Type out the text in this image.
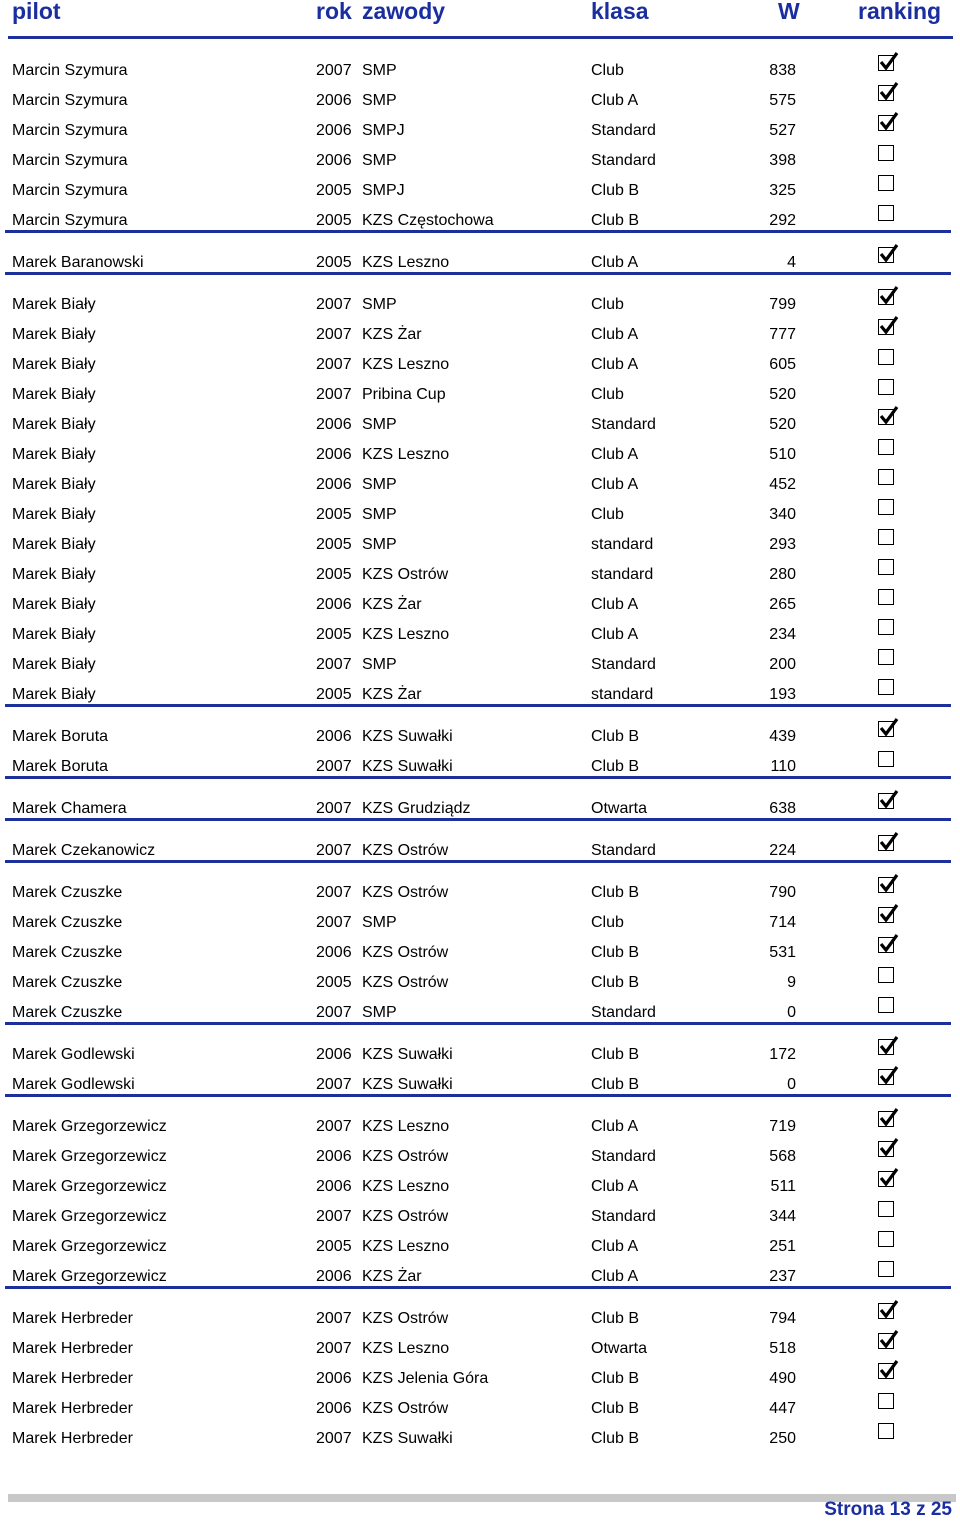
pilot	rok zawody	klasa	W	ranking
Marcin Szymura	2007 SMP	Club	838
Marcin Szymura	2006 SMP	Club A	575
Marcin Szymura	2006 SMPJ	Standard	527
Marcin Szymura	2006 SMP	Standard	398
Marcin Szymura	2005 SMPJ	Club B	325
Marcin Szymura	2005 KZS Częstochowa	Club B	292
Marek Baranowski	2005 KZS Leszno	Club A	4
Marek Biały	2007 SMP	Club	799
Marek Biały	2007 KZS Żar	Club A	777
Marek Biały	2007 KZS Leszno	Club A	605
Marek Biały	2007 Pribina Cup	Club	520
Marek Biały	2006 SMP	Standard	520
Marek Biały	2006 KZS Leszno	Club A	510
Marek Biały	2006 SMP	Club A	452
Marek Biały	2005 SMP	Club	340
Marek Biały	2005 SMP	standard	293
Marek Biały	2005 KZS Ostrów	standard	280
Marek Biały	2006 KZS Żar	Club A	265
Marek Biały	2005 KZS Leszno	Club A	234
Marek Biały	2007 SMP	Standard	200
Marek Biały	2005 KZS Żar	standard	193
Marek Boruta	2006 KZS Suwałki	Club B	439
Marek Boruta	2007 KZS Suwałki	Club B	110
Marek Chamera	2007 KZS Grudziądz	Otwarta	638
Marek Czekanowicz	2007 KZS Ostrów	Standard	224
Marek Czuszke	2007 KZS Ostrów	Club B	790
Marek Czuszke	2007 SMP	Club	714
Marek Czuszke	2006 KZS Ostrów	Club B	531
Marek Czuszke	2005 KZS Ostrów	Club B	9
Marek Czuszke	2007 SMP	Standard	0
Marek Godlewski	2006 KZS Suwałki	Club B	172
Marek Godlewski	2007 KZS Suwałki	Club B	0
Marek Grzegorzewicz	2007 KZS Leszno	Club A	719
Marek Grzegorzewicz	2006 KZS Ostrów	Standard	568
Marek Grzegorzewicz	2006 KZS Leszno	Club A	511
Marek Grzegorzewicz	2007 KZS Ostrów	Standard	344
Marek Grzegorzewicz	2005 KZS Leszno	Club A	251
Marek Grzegorzewicz	2006 KZS Żar	Club A	237
Marek Herbreder	2007 KZS Ostrów	Club B	794
Marek Herbreder	2007 KZS Leszno	Otwarta	518
Marek Herbreder	2006 KZS Jelenia Góra	Club B	490
Marek Herbreder	2006 KZS Ostrów	Club B	447
Marek Herbreder	2007 KZS Suwałki	Club B	250
Strona 13 z 25
